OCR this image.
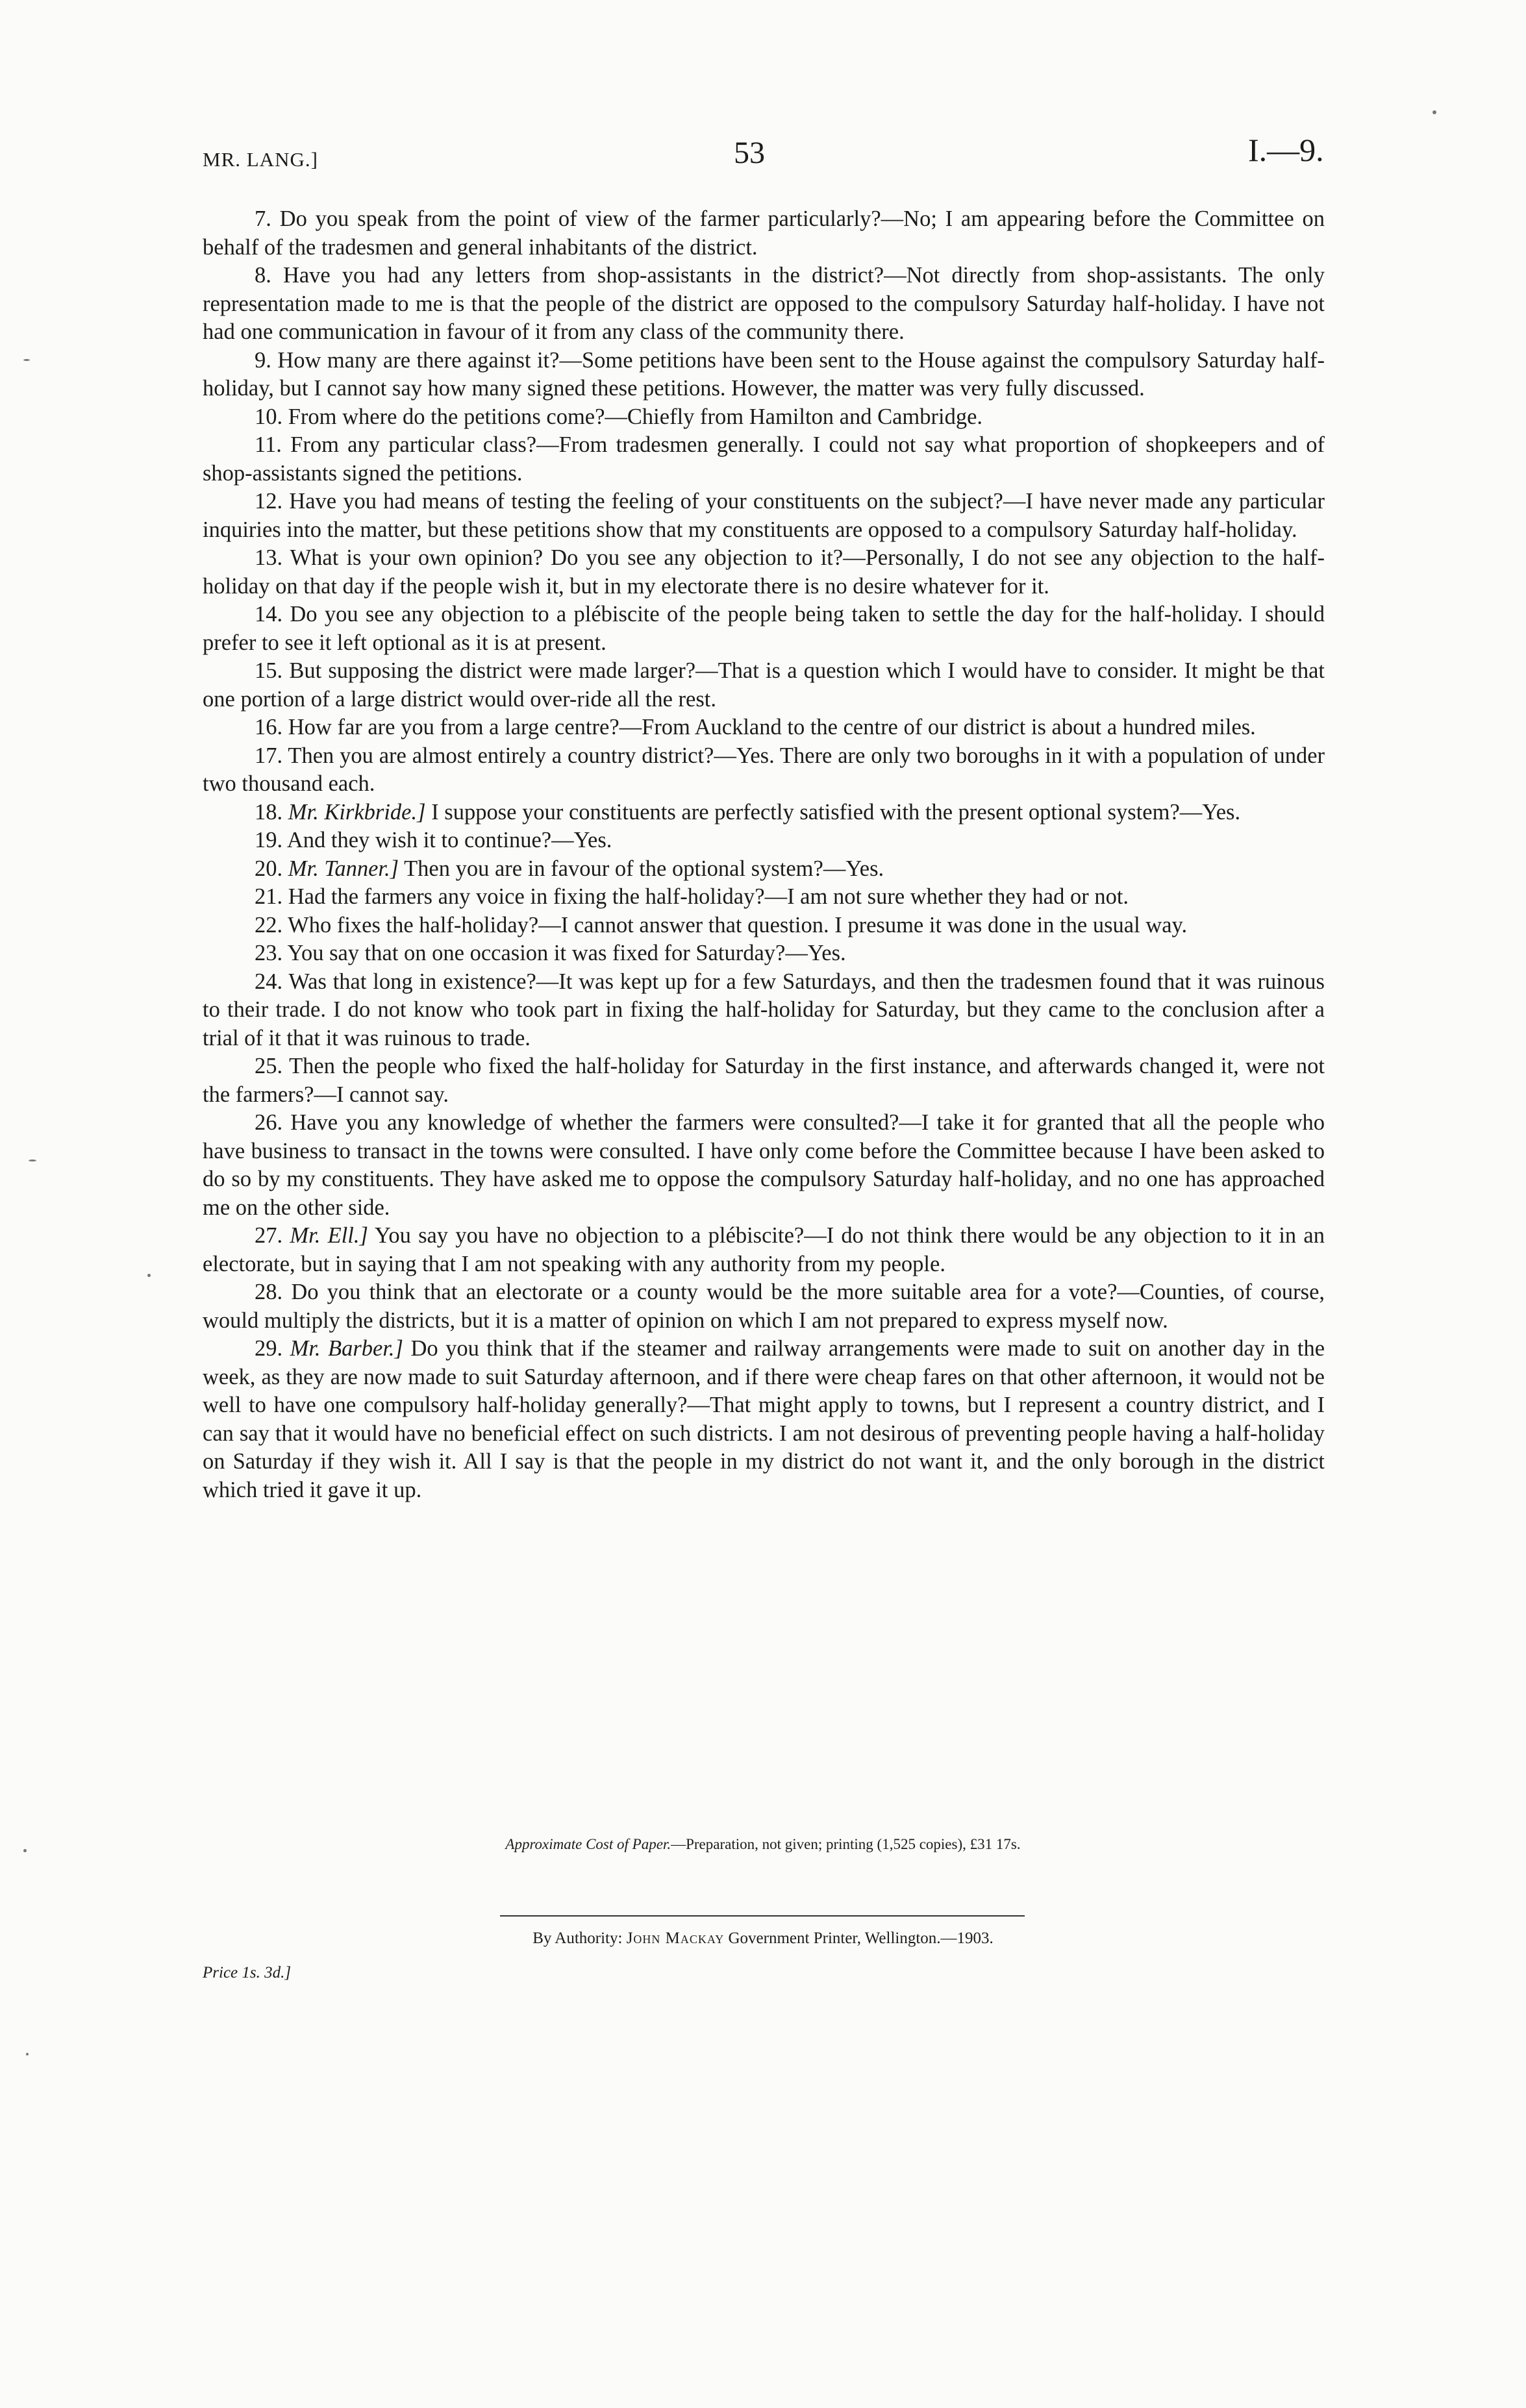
MR. LANG.]	53	I.—9.

7. Do you speak from the point of view of the farmer particularly?—No; I am appearing before the Committee on behalf of the tradesmen and general inhabitants of the district.

8. Have you had any letters from shop-assistants in the district?—Not directly from shop-assistants. The only representation made to me is that the people of the district are opposed to the compulsory Saturday half-holiday. I have not had one communication in favour of it from any class of the community there.

9. How many are there against it?—Some petitions have been sent to the House against the compulsory Saturday half-holiday, but I cannot say how many signed these petitions. However, the matter was very fully discussed.

10. From where do the petitions come?—Chiefly from Hamilton and Cambridge.

11. From any particular class?—From tradesmen generally. I could not say what proportion of shopkeepers and of shop-assistants signed the petitions.

12. Have you had means of testing the feeling of your constituents on the subject?—I have never made any particular inquiries into the matter, but these petitions show that my constituents are opposed to a compulsory Saturday half-holiday.

13. What is your own opinion? Do you see any objection to it?—Personally, I do not see any objection to the half-holiday on that day if the people wish it, but in my electorate there is no desire whatever for it.

14. Do you see any objection to a plébiscite of the people being taken to settle the day for the half-holiday. I should prefer to see it left optional as it is at present.

15. But supposing the district were made larger?—That is a question which I would have to consider. It might be that one portion of a large district would over-ride all the rest.

16. How far are you from a large centre?—From Auckland to the centre of our district is about a hundred miles.

17. Then you are almost entirely a country district?—Yes. There are only two boroughs in it with a population of under two thousand each.

18. Mr. Kirkbride.] I suppose your constituents are perfectly satisfied with the present optional system?—Yes.

19. And they wish it to continue?—Yes.

20. Mr. Tanner.] Then you are in favour of the optional system?—Yes.

21. Had the farmers any voice in fixing the half-holiday?—I am not sure whether they had or not.

22. Who fixes the half-holiday?—I cannot answer that question. I presume it was done in the usual way.

23. You say that on one occasion it was fixed for Saturday?—Yes.

24. Was that long in existence?—It was kept up for a few Saturdays, and then the tradesmen found that it was ruinous to their trade. I do not know who took part in fixing the half-holiday for Saturday, but they came to the conclusion after a trial of it that it was ruinous to trade.

25. Then the people who fixed the half-holiday for Saturday in the first instance, and afterwards changed it, were not the farmers?—I cannot say.

26. Have you any knowledge of whether the farmers were consulted?—I take it for granted that all the people who have business to transact in the towns were consulted. I have only come before the Committee because I have been asked to do so by my constituents. They have asked me to oppose the compulsory Saturday half-holiday, and no one has approached me on the other side.

27. Mr. Ell.] You say you have no objection to a plébiscite?—I do not think there would be any objection to it in an electorate, but in saying that I am not speaking with any authority from my people.

28. Do you think that an electorate or a county would be the more suitable area for a vote?—Counties, of course, would multiply the districts, but it is a matter of opinion on which I am not prepared to express myself now.

29. Mr. Barber.] Do you think that if the steamer and railway arrangements were made to suit on another day in the week, as they are now made to suit Saturday afternoon, and if there were cheap fares on that other afternoon, it would not be well to have one compulsory half-holiday generally?—That might apply to towns, but I represent a country district, and I can say that it would have no beneficial effect on such districts. I am not desirous of preventing people having a half-holiday on Saturday if they wish it. All I say is that the people in my district do not want it, and the only borough in the district which tried it gave it up.

Approximate Cost of Paper.—Preparation, not given; printing (1,525 copies), £31 17s.
By Authority: John Mackay Government Printer, Wellington.—1903.
Price 1s. 3d.]
